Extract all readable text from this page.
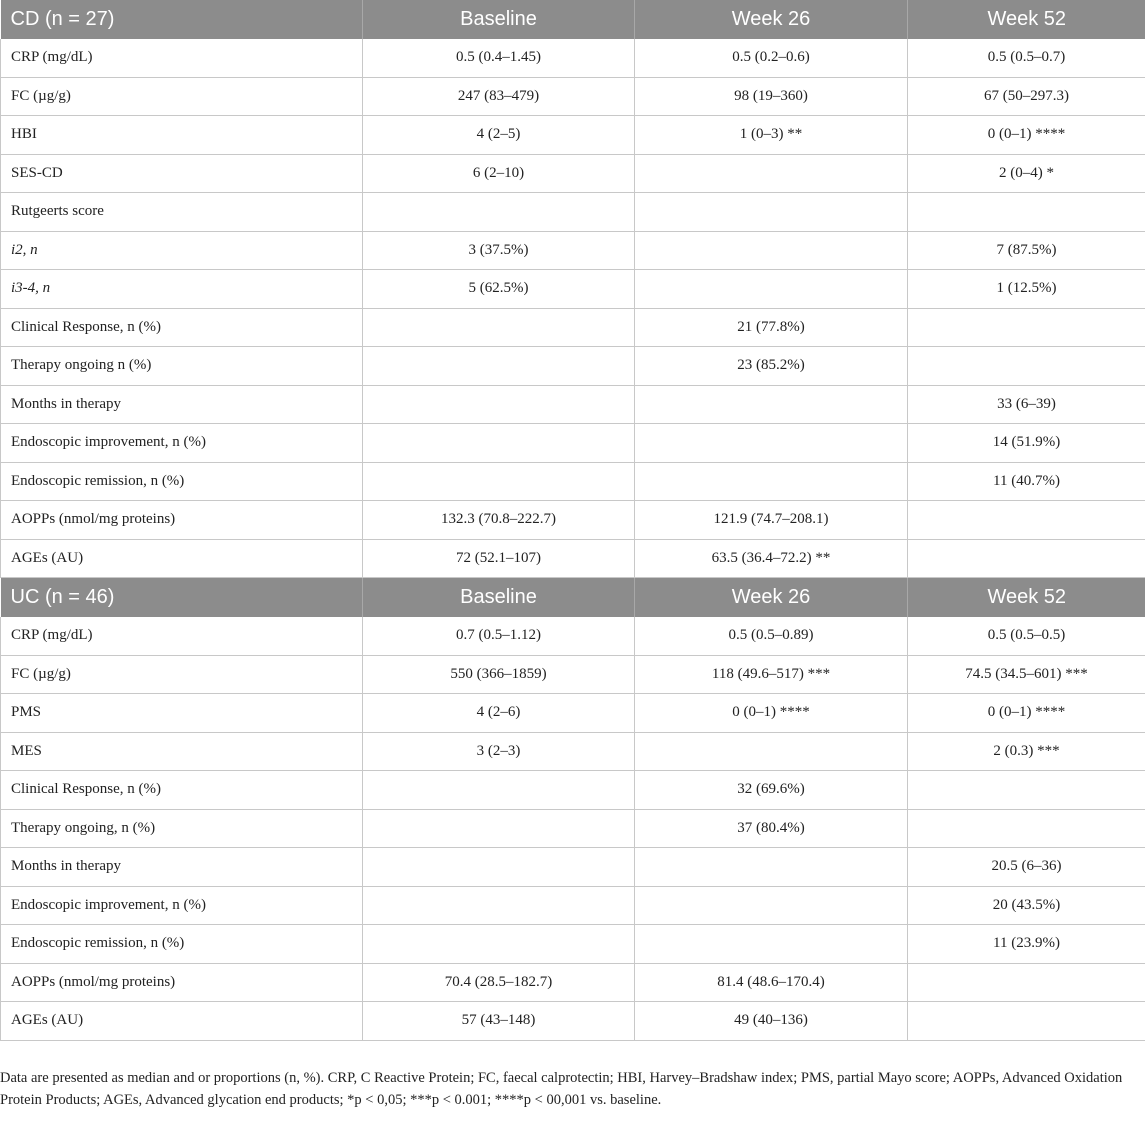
CD (n = 27)	Baseline	Week 26	Week 52
CRP (mg/dL)	0.5 (0.4–1.45)	0.5 (0.2–0.6)	0.5 (0.5–0.7)
FC (µg/g)	247 (83–479)	98 (19–360)	67 (50–297.3)
HBI	4 (2–5)	1 (0–3) **	0 (0–1) ****
SES-CD	6 (2–10)		2 (0–4) *
Rutgeerts score			
i2, n	3 (37.5%)		7 (87.5%)
i3-4, n	5 (62.5%)		1 (12.5%)
Clinical Response, n (%)		21 (77.8%)	
Therapy ongoing n (%)		23 (85.2%)	
Months in therapy			33 (6–39)
Endoscopic improvement, n (%)			14 (51.9%)
Endoscopic remission, n (%)			11 (40.7%)
AOPPs (nmol/mg proteins)	132.3 (70.8–222.7)	121.9 (74.7–208.1)	
AGEs (AU)	72 (52.1–107)	63.5 (36.4–72.2) **	
UC (n = 46)	Baseline	Week 26	Week 52
CRP (mg/dL)	0.7 (0.5–1.12)	0.5 (0.5–0.89)	0.5 (0.5–0.5)
FC (µg/g)	550 (366–1859)	118 (49.6–517) ***	74.5 (34.5–601) ***
PMS	4 (2–6)	0 (0–1) ****	0 (0–1) ****
MES	3 (2–3)		2 (0.3) ***
Clinical Response, n (%)		32 (69.6%)	
Therapy ongoing, n (%)		37 (80.4%)	
Months in therapy			20.5 (6–36)
Endoscopic improvement, n (%)			20 (43.5%)
Endoscopic remission, n (%)			11 (23.9%)
AOPPs (nmol/mg proteins)	70.4 (28.5–182.7)	81.4 (48.6–170.4)	
AGEs (AU)	57 (43–148)	49 (40–136)	
Data are presented as median and or proportions (n, %). CRP, C Reactive Protein; FC, faecal calprotectin; HBI, Harvey–Bradshaw index; PMS, partial Mayo score; AOPPs, Advanced Oxidation Protein Products; AGEs, Advanced glycation end products; *p < 0,05; ***p < 0.001; ****p < 00,001 vs. baseline.
